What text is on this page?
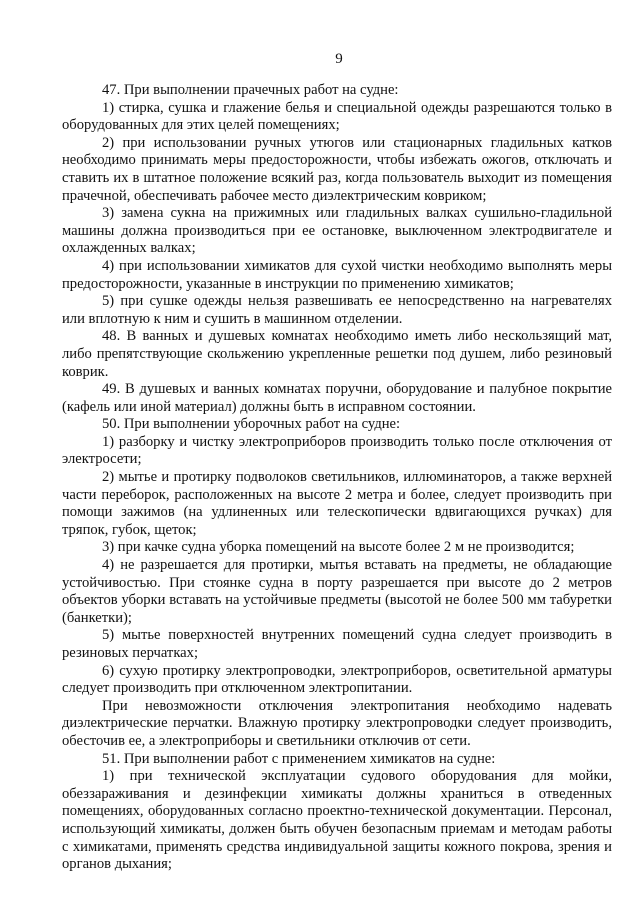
9

47. При выполнении прачечных работ на судне:

1) стирка, сушка и глажение белья и специальной одежды разрешаются только в оборудованных для этих целей помещениях;

2) при использовании ручных утюгов или стационарных гладильных катков необходимо принимать меры предосторожности, чтобы избежать ожогов, отключать и ставить их в штатное положение всякий раз, когда пользователь выходит из помещения прачечной, обеспечивать рабочее место диэлектрическим ковриком;

3) замена сукна на прижимных или гладильных валках сушильно-гладильной машины должна производиться при ее остановке, выключенном электродвигателе и охлажденных валках;

4) при использовании химикатов для сухой чистки необходимо выполнять меры предосторожности, указанные в инструкции по применению химикатов;

5) при сушке одежды нельзя развешивать ее непосредственно на нагревателях или вплотную к ним и сушить в машинном отделении.

48. В ванных и душевых комнатах необходимо иметь либо нескользящий мат, либо препятствующие скольжению укрепленные решетки под душем, либо резиновый коврик.

49. В душевых и ванных комнатах поручни, оборудование и палубное покрытие (кафель или иной материал) должны быть в исправном состоянии.

50. При выполнении уборочных работ на судне:

1) разборку и чистку электроприборов производить только после отключения от электросети;

2) мытье и протирку подволоков светильников, иллюминаторов, а также верхней части переборок, расположенных на высоте 2 метра и более, следует производить при помощи зажимов (на удлиненных или телескопически вдвигающихся ручках) для тряпок, губок, щеток;

3) при качке судна уборка помещений на высоте более 2 м не производится;

4) не разрешается для протирки, мытья вставать на предметы, не обладающие устойчивостью. При стоянке судна в порту разрешается при высоте до 2 метров объектов уборки вставать на устойчивые предметы (высотой не более 500 мм табуретки (банкетки);

5) мытье поверхностей внутренних помещений судна следует производить в резиновых перчатках;

6) сухую протирку электропроводки, электроприборов, осветительной арматуры следует производить при отключенном электропитании.

При невозможности отключения электропитания необходимо надевать диэлектрические перчатки. Влажную протирку электропроводки следует производить, обесточив ее, а электроприборы и светильники отключив от сети.

51. При выполнении работ с применением химикатов на судне:

1) при технической эксплуатации судового оборудования для мойки, обеззараживания и дезинфекции химикаты должны храниться в отведенных помещениях, оборудованных согласно проектно-технической документации. Персонал, использующий химикаты, должен быть обучен безопасным приемам и методам работы с химикатами, применять средства индивидуальной защиты кожного покрова, зрения и органов дыхания;
